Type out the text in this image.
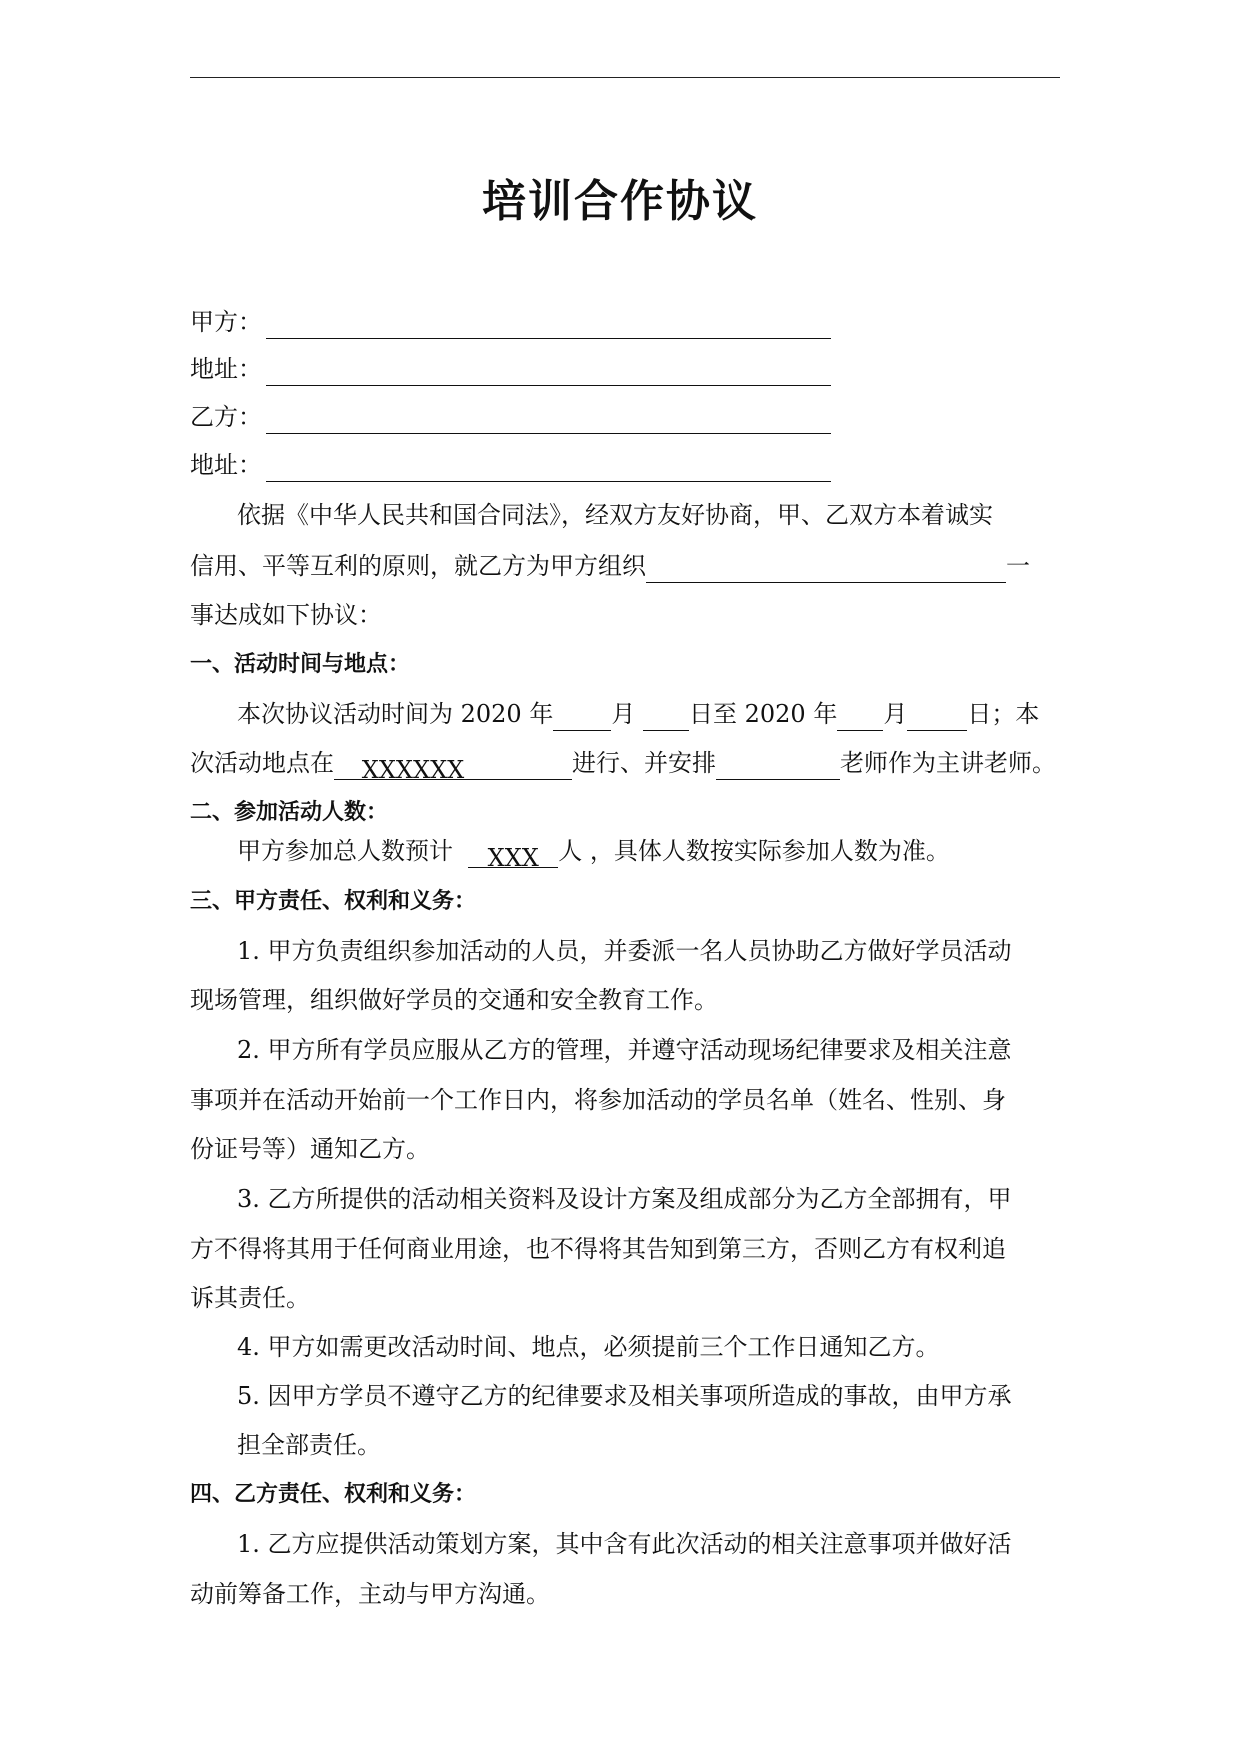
培训合作协议
甲方：
地址：
乙方：
地址：
依据《中华人民共和国合同法》，经双方友好协商，甲、乙双方本着诚实
信用、平等互利的原则，就乙方为甲方组织	一
事达成如下协议：
一、活动时间与地点：
本次协议活动时间为 2020 年 月 日至 2020 年 月	日；本
次活动地点在 XXXXXX	进行、并安排	老师作为主讲老师。
二、参加活动人数：
甲方参加总人数预计 XXX 人 ，具体人数按实际参加人数为准。
三、甲方责任、权利和义务：
1. 甲方负责组织参加活动的人员，并委派一名人员协助乙方做好学员活动
现场管理，组织做好学员的交通和安全教育工作。
2. 甲方所有学员应服从乙方的管理，并遵守活动现场纪律要求及相关注意
事项并在活动开始前一个工作日内，将参加活动的学员名单（姓名、性别、身
份证号等）通知乙方。
3. 乙方所提供的活动相关资料及设计方案及组成部分为乙方全部拥有，甲
方不得将其用于任何商业用途，也不得将其告知到第三方，否则乙方有权利追
诉其责任。
4. 甲方如需更改活动时间、地点，必须提前三个工作日通知乙方。
5. 因甲方学员不遵守乙方的纪律要求及相关事项所造成的事故，由甲方承
担全部责任。
四、乙方责任、权利和义务：
1. 乙方应提供活动策划方案，其中含有此次活动的相关注意事项并做好活
动前筹备工作，主动与甲方沟通。
